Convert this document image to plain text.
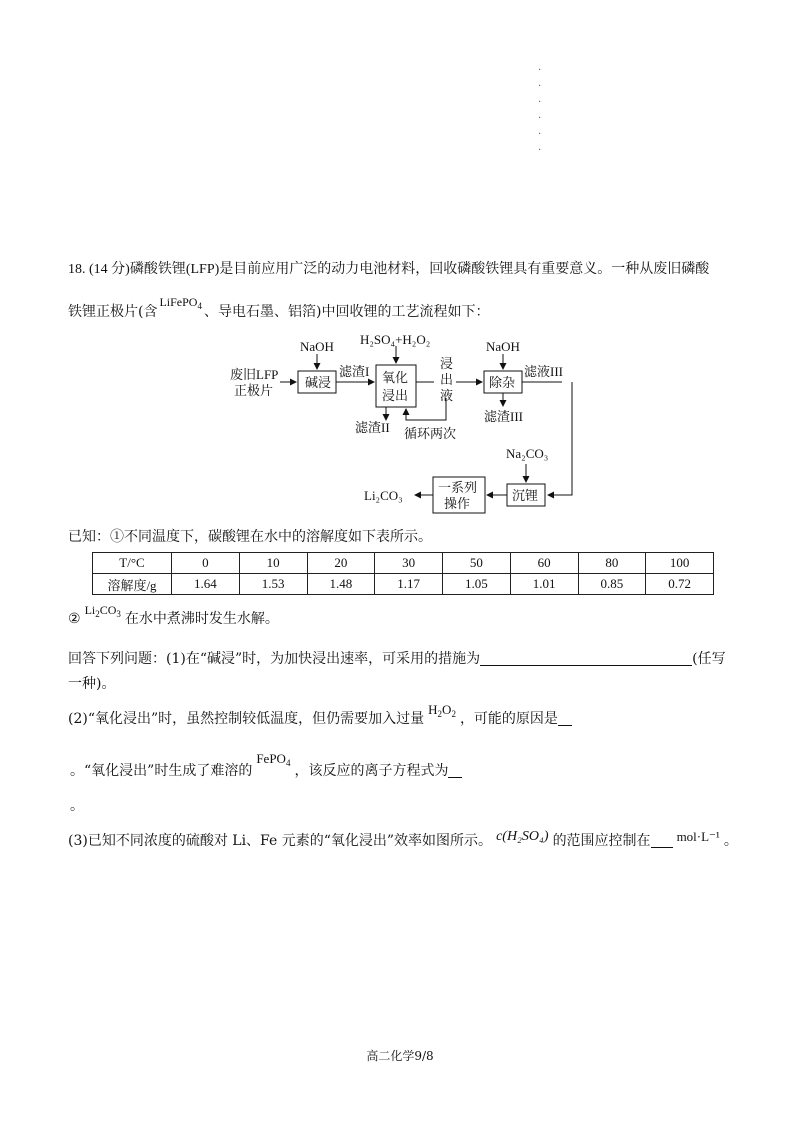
.
.
.
.
.
.
18. (14 分)磷酸铁锂(LFP)是目前应用广泛的动力电池材料，回收磷酸铁锂具有重要意义。一种从废旧磷酸
铁锂正极片(含LiFePO$_4$ 、导电石墨、铝箔)中回收锂的工艺流程如下：
废旧LFP
正极片
NaOH
碱浸
滤渣I
H₂SO₄+H₂O₂
氧化
浸出
浸
出
液
滤渣II 循环两次
NaOH
除杂
滤液III
滤渣III
Na₂CO₃
沉锂
一系列
操作
Li₂CO₃
已知：①不同温度下，碳酸锂在水中的溶解度如下表所示。
T/°C	0	10	20	30	50	60	80	100
溶解度/g	1.64	1.53	1.48	1.17	1.05	1.01	0.85	0.72
$②Li_2CO_3$ 在水中煮沸时发生水解。
回答下列问题：(1)在“碱浸”时，为加快浸出速率，可采用的措施为	(任写
一种)。
(2)“氧化浸出”时，虽然控制较低温度，但仍需要加入过量$H_2O_2$ ，可能的原因是
。“氧化浸出”时生成了难溶的FePO$_4$ ，该反应的离子方程式为
。
(3)已知不同浓度的硫酸对 Li、Fe 元素的“氧化浸出”效率如图所示。 c(H₂SO₄) 的范围应控制在 mol·L⁻¹ 。
高二化学9/8
